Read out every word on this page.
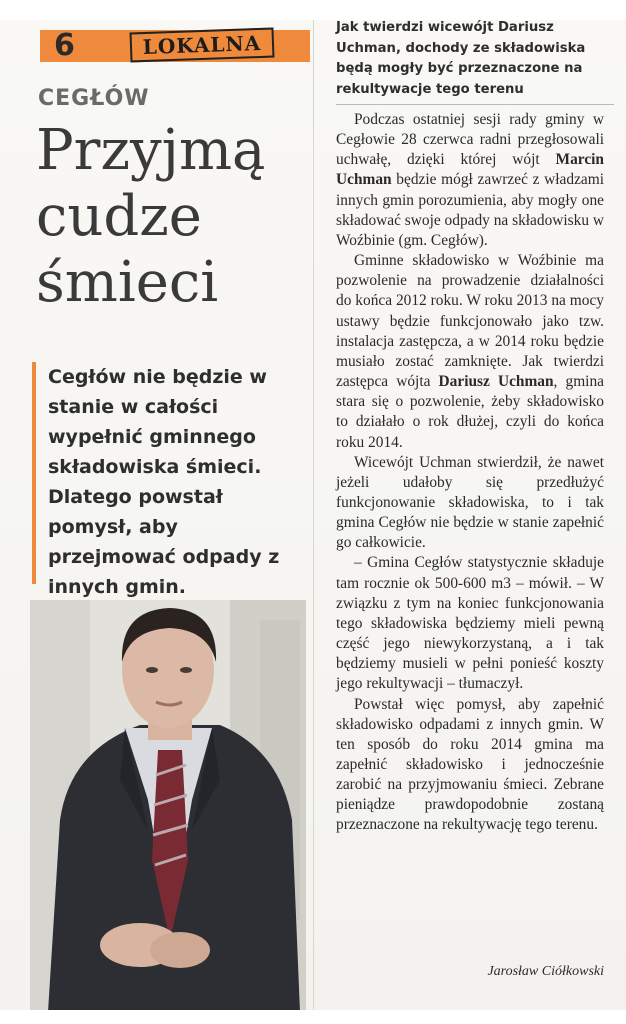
6	LOKALNA
CEGŁÓW
Przyjmą
cudze
śmieci

Cegłów nie będzie w stanie w całości wypełnić gminnego składowiska śmieci. Dlatego powstał pomysł, aby przejmować odpady z innych gmin.

Jak twierdzi wicewójt Dariusz Uchman, dochody ze składowiska będą mogły być przeznaczone na rekultywacje tego terenu

Podczas ostatniej sesji rady gminy w Cegłowie 28 czerwca radni przegłosowali uchwałę, dzięki której wójt Marcin Uchman będzie mógł zawrzeć z władzami innych gmin porozumienia, aby mogły one składować swoje odpady na składowisku w Woźbinie (gm. Cegłów).

Gminne składowisko w Woźbinie ma pozwolenie na prowadzenie działalności do końca 2012 roku. W roku 2013 na mocy ustawy będzie funkcjonowało jako tzw. instalacja zastępcza, a w 2014 roku będzie musiało zostać zamknięte. Jak twierdzi zastępca wójta Dariusz Uchman, gmina stara się o pozwolenie, żeby składowisko to działało o rok dłużej, czyli do końca roku 2014.

Wicewójt Uchman stwierdził, że nawet jeżeli udałoby się przedłużyć funkcjonowanie składowiska, to i tak gmina Cegłów nie będzie w stanie zapełnić go całkowicie.

– Gmina Cegłów statystycznie składuje tam rocznie ok 500-600 m3 – mówił. – W związku z tym na koniec funkcjonowania tego składowiska będziemy mieli pewną część jego niewykorzystaną, a i tak będziemy musieli w pełni ponieść koszty jego rekultywacji – tłumaczył.

Powstał więc pomysł, aby zapełnić składowisko odpadami z innych gmin. W ten sposób do roku 2014 gmina ma zapełnić składowisko i jednocześnie zarobić na przyjmowaniu śmieci. Zebrane pieniądze prawdopodobnie zostaną przeznaczone na rekultywację tego terenu.

Jarosław Ciółkowski
